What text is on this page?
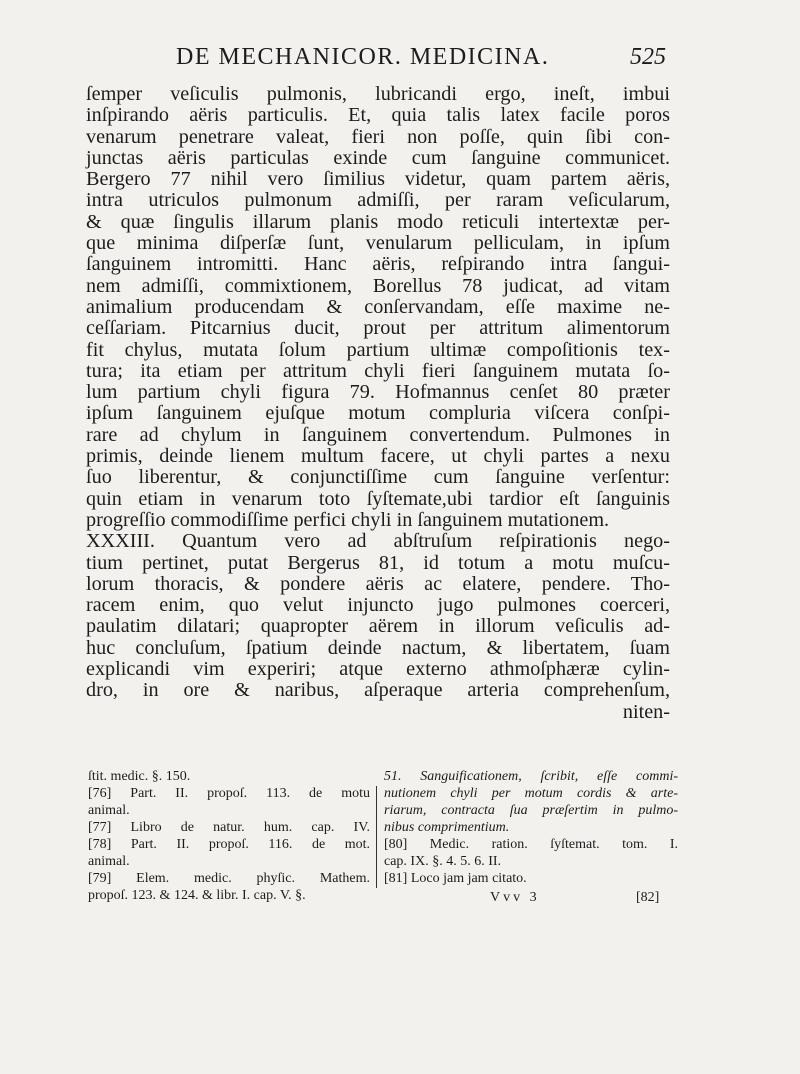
DE MECHANICOR. MEDICINA.	525
ſemper veſiculis pulmonis, lubricandi ergo, ineſt, imbui
inſpirando aëris particulis. Et, quia talis latex facile poros
venarum penetrare valeat, fieri non poſſe, quin ſibi con-
junctas aëris particulas exinde cum ſanguine communicet.
Bergero 77 nihil vero ſimilius videtur, quam partem aëris,
intra utriculos pulmonum admiſſi, per raram veſicularum,
& quæ ſingulis illarum planis modo reticuli intertextæ per-
que minima diſperſæ ſunt, venularum pelliculam, in ipſum
ſanguinem intromitti. Hanc aëris, reſpirando intra ſangui-
nem admiſſi, commixtionem, Borellus 78 judicat, ad vitam
animalium producendam & conſervandam, eſſe maxime ne-
ceſſariam. Pitcarnius ducit, prout per attritum alimentorum
fit chylus, mutata ſolum partium ultimæ compoſitionis tex-
tura; ita etiam per attritum chyli fieri ſanguinem mutata ſo-
lum partium chyli figura 79. Hofmannus cenſet 80 præter
ipſum ſanguinem ejuſque motum compluria viſcera conſpi-
rare ad chylum in ſanguinem convertendum. Pulmones in
primis, deinde lienem multum facere, ut chyli partes a nexu
ſuo liberentur, & conjunctiſſime cum ſanguine verſentur:
quin etiam in venarum toto ſyſtemate,ubi tardior eſt ſanguinis
progreſſio commodiſſime perfici chyli in ſanguinem mutationem.
XXXIII. Quantum vero ad abſtruſum reſpirationis nego-
tium pertinet, putat Bergerus 81, id totum a motu muſcu-
lorum thoracis, & pondere aëris ac elatere, pendere. Tho-
racem enim, quo velut injuncto jugo pulmones coerceri,
paulatim dilatari; quapropter aërem in illorum veſiculis ad-
huc concluſum, ſpatium deinde nactum, & libertatem, ſuam
explicandi vim experiri; atque externo athmoſphæræ cylin-
dro, in ore & naribus, aſperaque arteria comprehenſum,
niten-
ſtit. medic. §. 150.
[76] Part. II. propoſ. 113. de motu
animal.
[77] Libro de natur. hum. cap. IV.
[78] Part. II. propoſ. 116. de mot.
animal.
[79] Elem. medic. phyſic. Mathem.
propoſ. 123. & 124. & libr. I. cap. V. §.
51. Sanguificationem, ſcribit, eſſe commi-
nutionem chyli per motum cordis & arte-
riarum, contracta ſua præſertim in pulmo-
nibus comprimentium.
[80] Medic. ration. ſyſtemat. tom. I.
cap. IX. §. 4. 5. 6. II.
[81] Loco jam jam citato.
Vvv 3	[82]
